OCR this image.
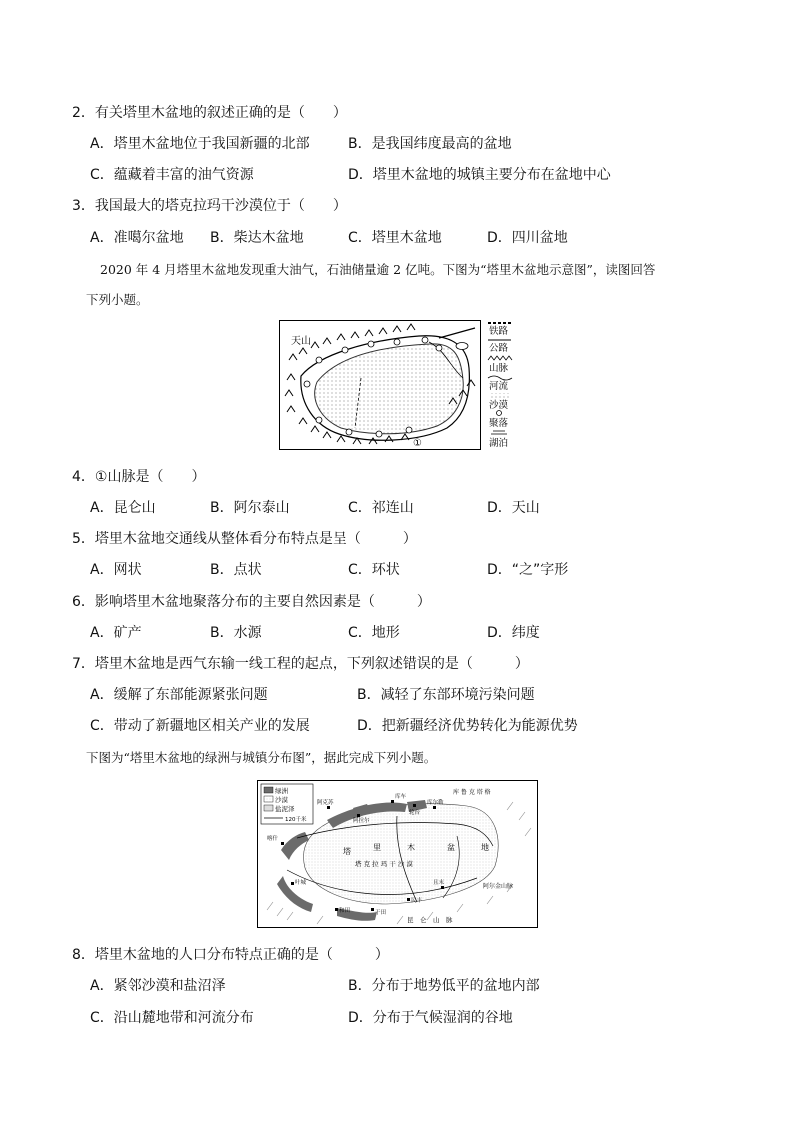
2．有关塔里木盆地的叙述正确的是（　　）
A．塔里木盆地位于我国新疆的北部	B．是我国纬度最高的盆地
C．蕴藏着丰富的油气资源	D．塔里木盆地的城镇主要分布在盆地中心
3．我国最大的塔克拉玛干沙漠位于（　　）
A．准噶尔盆地 B．柴达木盆地	C．塔里木盆地	D．四川盆地
2020 年 4 月塔里木盆地发现重大油气，石油储量逾 2 亿吨。下图为“塔里木盆地示意图”，读图回答
下列小题。
天山
①
铁路
公路
山脉
河流
沙漠
聚落
湖泊
4．①山脉是（　　）
A．昆仑山	B．阿尔泰山	C．祁连山	D．天山
5．塔里木盆地交通线从整体看分布特点是呈（　　　）
A．网状	B．点状	C．环状	D．“之”字形
6．影响塔里木盆地聚落分布的主要自然因素是（　　　）
A．矿产	B．水源	C．地形	D．纬度
7．塔里木盆地是西气东输一线工程的起点，下列叙述错误的是（　　　）
A．缓解了东部能源紧张问题	B．减轻了东部环境污染问题
C．带动了新疆地区相关产业的发展	D．把新疆经济优势转化为能源优势
下图为“塔里木盆地的绿洲与城镇分布图”，据此完成下列小题。
绿洲
沙漠
盐泥泽
120千米
塔	里	木	盆	地
塔 克 拉 玛 干 沙 漠
昆　仑　山　脉
库 鲁 克 塔 格
阿尔金山脉
阿克苏
库车
库尔勒
阿拉尔
喀什
叶城
和田	于田
民丰
且末
轮台
8．塔里木盆地的人口分布特点正确的是（　　　）
A．紧邻沙漠和盐沼泽	B．分布于地势低平的盆地内部
C．沿山麓地带和河流分布	D．分布于气候湿润的谷地
